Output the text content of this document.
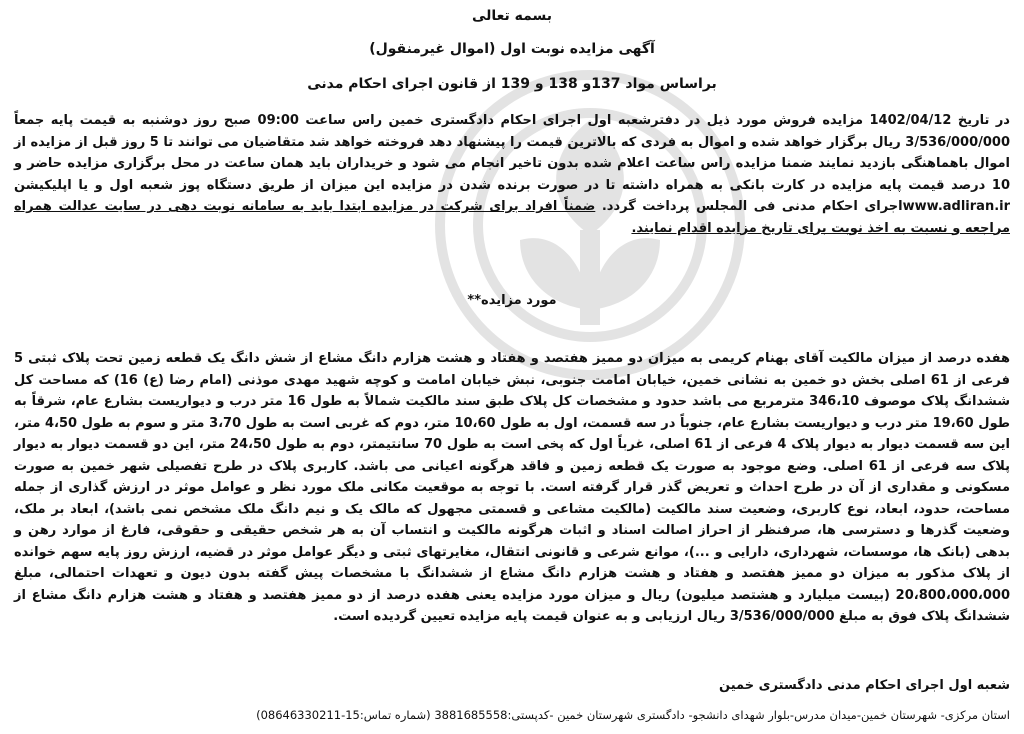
بسمه تعالی
آگهی مزایده نوبت اول (اموال غیرمنقول)
براساس مواد 137و 138 و 139 از قانون اجرای احکام مدنی
در تاریخ 1402/04/12 مزایده فروش مورد ذیل در دفترشعبه اول اجرای احکام دادگستری خمین راس ساعت 09:00 صبح روز دوشنبه به قیمت پایه جمعاً 3/536/000/000 ریال برگزار خواهد شده و اموال به فردی که بالاترین قیمت را پیشنهاد دهد فروخته خواهد شد متقاضیان می توانند تا 5 روز قبل از مزایده از اموال باهماهنگی بازدید نمایند ضمنا مزایده راس ساعت اعلام شده بدون تاخیر انجام می شود و خریداران باید همان ساعت در محل برگزاری مزایده حاضر و 10 درصد قیمت پایه مزایده در کارت بانکی به همراه داشته تا در صورت برنده شدن در مزایده این میزان از طریق دستگاه پوز شعبه اول و یا اپلیکیشن www.adliran.irاجرای احکام مدنی فی المجلس پرداخت گردد. ضمناً افراد برای شرکت در مزایده ابتدا باید به سامانه نوبت دهی در سایت عدالت همراه مراجعه و نسبت به اخذ نوبت برای تاریخ مزایده اقدام نمایند.
مورد مزایده**
هفده درصد از میزان مالکیت آقای بهنام کریمی به میزان دو ممیز هفتصد و هفتاد و هشت هزارم دانگ مشاع از شش دانگ یک قطعه زمین تحت پلاک ثبتی 5 فرعی از 61 اصلی بخش دو خمین به نشانی خمین، خیابان امامت جنوبی، نبش خیابان امامت و کوچه شهید مهدی موذنی (امام رضا (ع) 16) که مساحت کل ششدانگ پلاک موصوف 346،10 مترمربع می باشد حدود و مشخصات کل پلاک طبق سند مالکیت شمالاً به طول 16 متر درب و دیواریست بشارع عام، شرقاً به طول 19،60 متر درب و دیواریست بشارع عام، جنوباً در سه قسمت، اول به طول 10،60 متر، دوم که غربی است به طول 3،70 متر و سوم به طول 4،50 متر، این سه قسمت دیوار به دیوار پلاک 4 فرعی از 61 اصلی، غرباً اول که پخی است به طول 70 سانتیمتر، دوم به طول 24،50 متر، این دو قسمت دیوار به دیوار پلاک سه فرعی از 61 اصلی. وضع موجود به صورت یک قطعه زمین و فاقد هرگونه اعیانی می باشد. کاربری پلاک در طرح تفصیلی شهر خمین به صورت مسکونی و مقداری از آن در طرح احداث و تعریض گذر قرار گرفته است. با توجه به موقعیت مکانی ملک مورد نظر و عوامل موثر در ارزش گذاری از جمله مساحت، حدود، ابعاد، نوع کاربری، وضعیت سند مالکیت (مالکیت مشاعی و قسمتی مجهول که مالک یک و نیم دانگ ملک مشخص نمی باشد)، ابعاد بر ملک، وضعیت گذرها و دسترسی ها، صرفنظر از احراز اصالت اسناد و اثبات هرگونه مالکیت و انتساب آن به هر شخص حقیقی و حقوقی، فارغ از موارد رهن و بدهی (بانک ها، موسسات، شهرداری، دارایی و ...)، موانع شرعی و قانونی انتقال، مغایرتهای ثبتی و دیگر عوامل موثر در قضیه، ارزش روز پایه سهم خوانده از پلاک مذکور به میزان دو ممیز هفتصد و هفتاد و هشت هزارم دانگ مشاع از ششدانگ با مشخصات پیش گفته بدون دیون و تعهدات احتمالی، مبلغ 20،800،000،000 (بیست میلیارد و هشتصد میلیون) ریال و میزان مورد مزایده یعنی هفده درصد از دو ممیز هفتصد و هفتاد و هشت هزارم دانگ مشاع از ششدانگ پلاک فوق به مبلغ 3/536/000/000 ریال ارزیابی و به عنوان قیمت پایه مزایده تعیین گردیده است.
شعبه اول اجرای احکام مدنی دادگستری خمین
استان مرکزی- شهرستان خمین-میدان مدرس-بلوار شهدای دانشجو- دادگستری شهرستان خمین -کدپستی:3881685558 (شماره تماس:15-08646330211)
